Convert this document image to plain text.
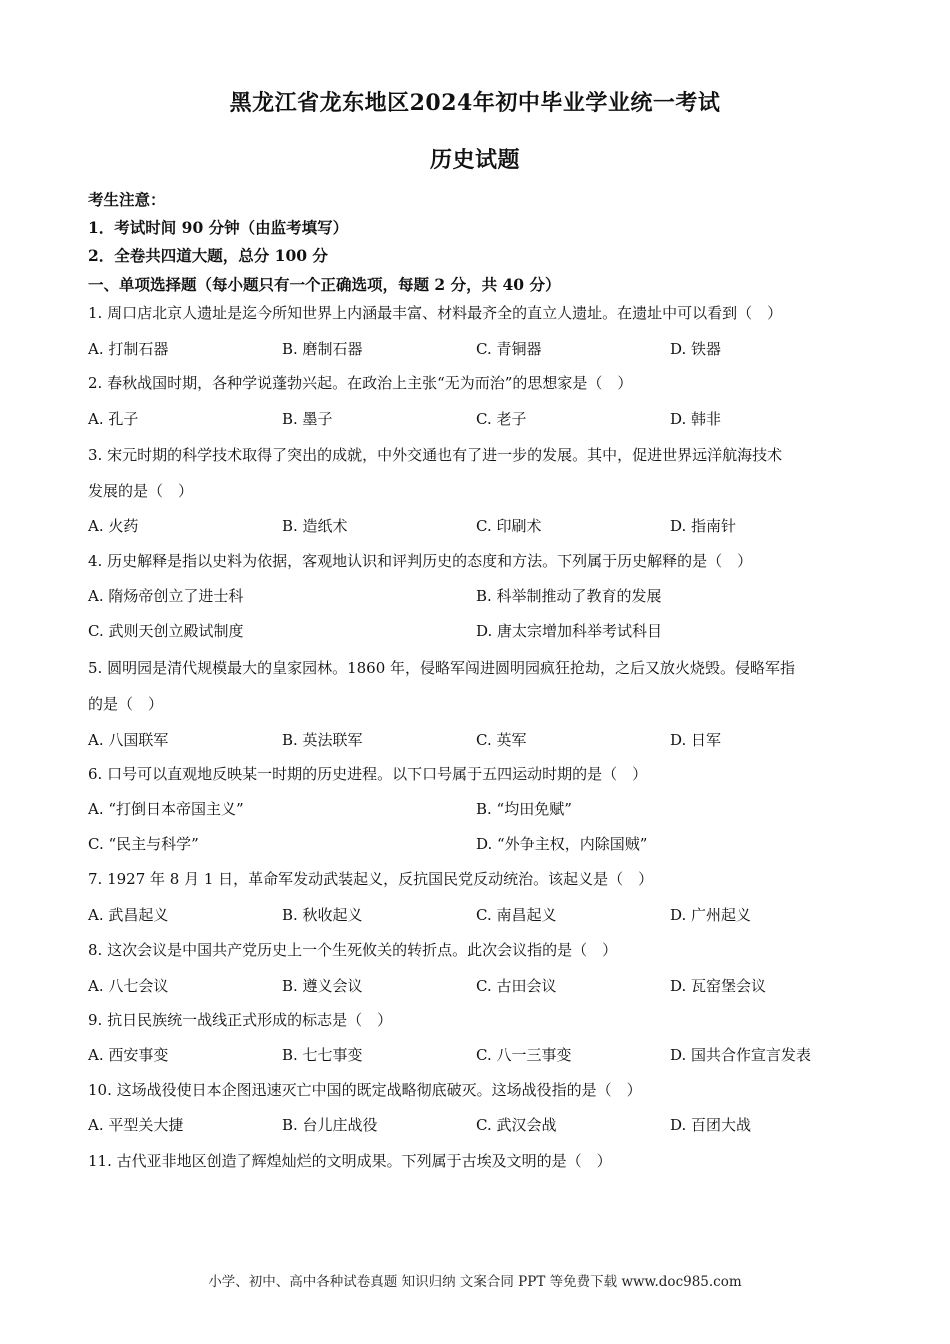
黑龙江省龙东地区2024年初中毕业学业统一考试
历史试题
考生注意：
1．考试时间 90 分钟（由监考填写）
2．全卷共四道大题，总分 100 分
一、单项选择题（每小题只有一个正确选项，每题 2 分，共 40 分）
1. 周口店北京人遗址是迄今所知世界上内涵最丰富、材料最齐全的直立人遗址。在遗址中可以看到（　）
A. 打制石器	B. 磨制石器	C. 青铜器	D. 铁器
2. 春秋战国时期，各种学说蓬勃兴起。在政治上主张“无为而治”的思想家是（　）
A. 孔子	B. 墨子	C. 老子	D. 韩非
3. 宋元时期的科学技术取得了突出的成就，中外交通也有了进一步的发展。其中，促进世界远洋航海技术
发展的是（　）
A. 火药	B. 造纸术	C. 印刷术	D. 指南针
4. 历史解释是指以史料为依据，客观地认识和评判历史的态度和方法。下列属于历史解释的是（　）
A. 隋炀帝创立了进士科	B. 科举制推动了教育的发展
C. 武则天创立殿试制度	D. 唐太宗增加科举考试科目
5. 圆明园是清代规模最大的皇家园林。1860 年，侵略军闯进圆明园疯狂抢劫，之后又放火烧毁。侵略军指
的是（　）
A. 八国联军	B. 英法联军	C. 英军	D. 日军
6. 口号可以直观地反映某一时期的历史进程。以下口号属于五四运动时期的是（　）
A. “打倒日本帝国主义”	B. “均田免赋”
C. “民主与科学”	D. “外争主权，内除国贼”
7. 1927 年 8 月 1 日，革命军发动武装起义，反抗国民党反动统治。该起义是（　）
A. 武昌起义	B. 秋收起义	C. 南昌起义	D. 广州起义
8. 这次会议是中国共产党历史上一个生死攸关的转折点。此次会议指的是（　）
A. 八七会议	B. 遵义会议	C. 古田会议	D. 瓦窑堡会议
9. 抗日民族统一战线正式形成的标志是（　）
A. 西安事变	B. 七七事变	C. 八一三事变	D. 国共合作宣言发表
10. 这场战役使日本企图迅速灭亡中国的既定战略彻底破灭。这场战役指的是（　）
A. 平型关大捷	B. 台儿庄战役	C. 武汉会战	D. 百团大战
11. 古代亚非地区创造了辉煌灿烂的文明成果。下列属于古埃及文明的是（　）
小学、初中、高中各种试卷真题 知识归纳 文案合同 PPT 等免费下载 www.doc985.com
